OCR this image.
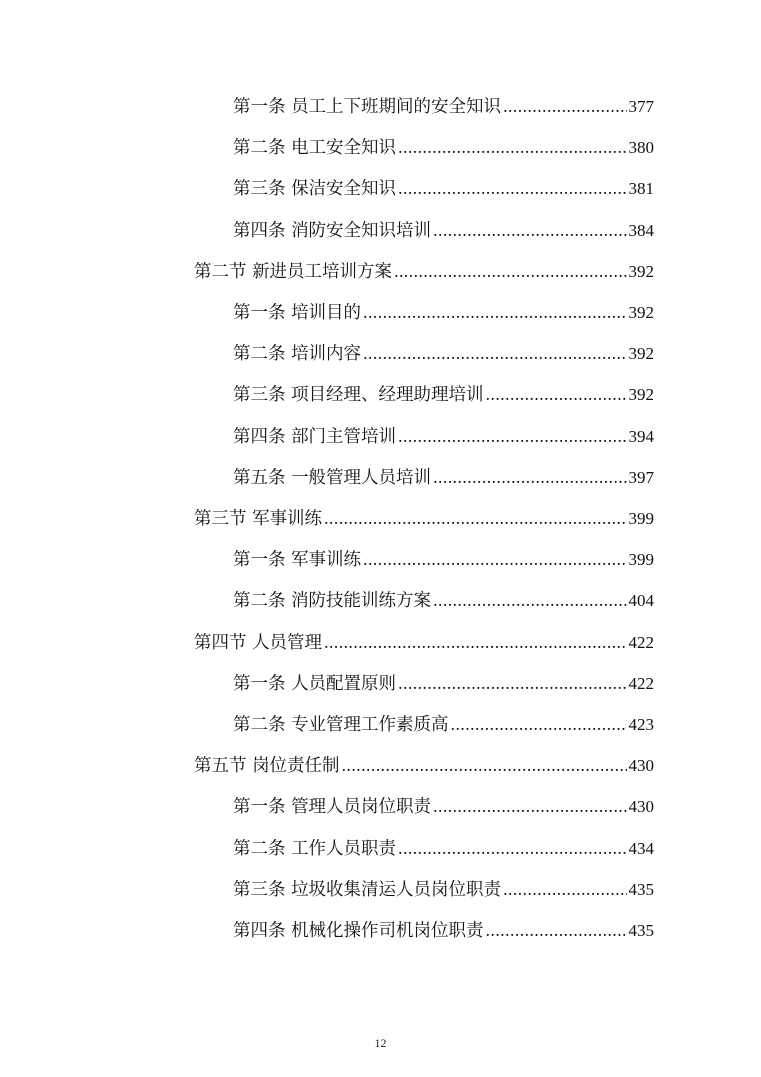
第一条 员工上下班期间的安全知识 .....	377
第二条 电工安全知识 .....	380
第三条 保洁安全知识 .....	381
第四条 消防安全知识培训 .....	384
第二节 新进员工培训方案 .....	392
第一条 培训目的 .....	392
第二条 培训内容 .....	392
第三条 项目经理、经理助理培训 .....	392
第四条 部门主管培训 .....	394
第五条 一般管理人员培训 .....	397
第三节 军事训练 .....	399
第一条 军事训练 .....	399
第二条 消防技能训练方案 .....	404
第四节 人员管理 .....	422
第一条 人员配置原则 .....	422
第二条 专业管理工作素质高 .....	423
第五节 岗位责任制 .....	430
第一条 管理人员岗位职责 .....	430
第二条 工作人员职责 .....	434
第三条 垃圾收集清运人员岗位职责 .....	435
第四条 机械化操作司机岗位职责 .....	435
12
